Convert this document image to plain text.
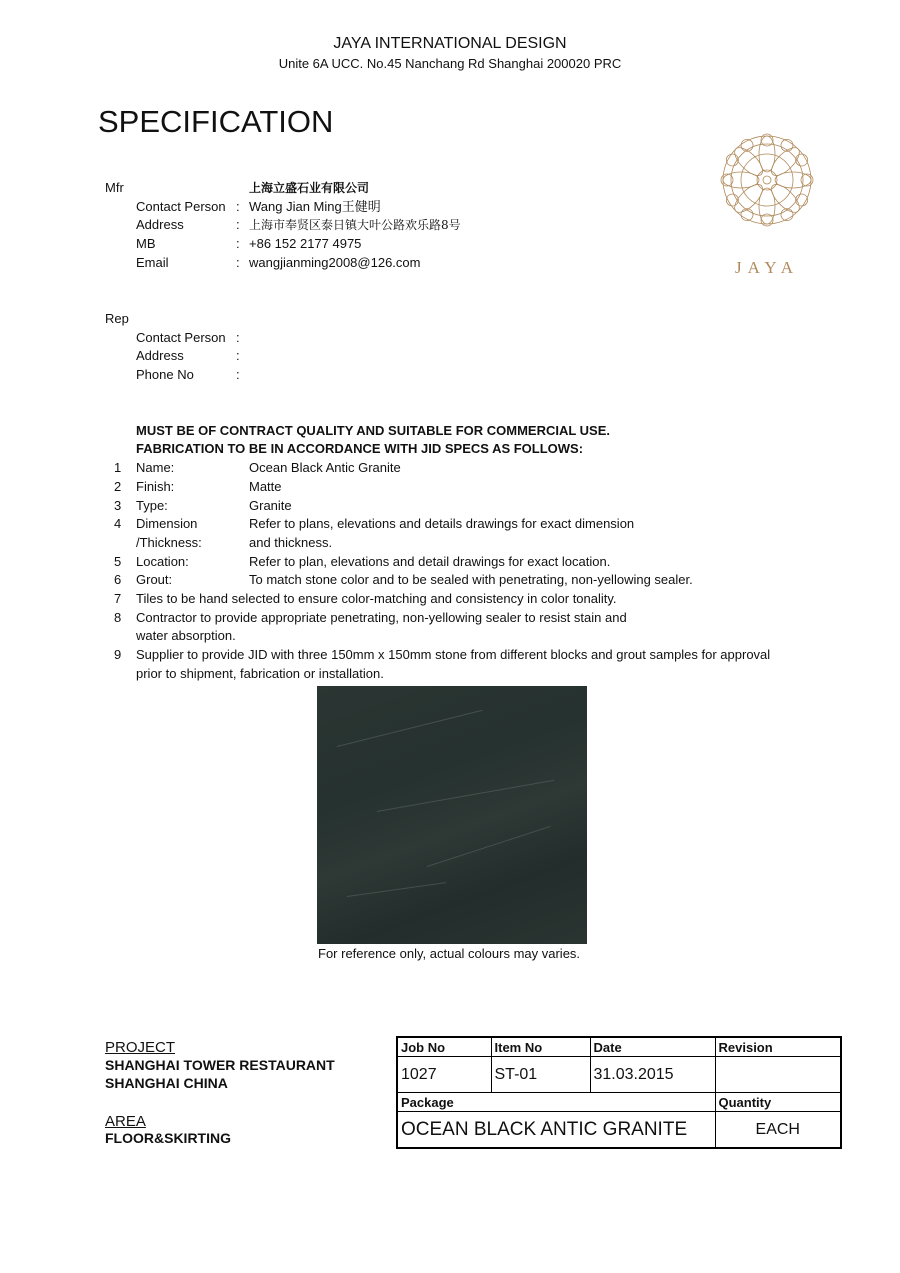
JAYA INTERNATIONAL DESIGN
Unite 6A UCC. No.45 Nanchang Rd Shanghai 200020 PRC
SPECIFICATION
JAYA
Mfr	上海立盛石业有限公司
Contact Person : Wang Jian Ming王健明
Address	: 上海市奉贤区泰日镇大叶公路欢乐路8号
MB	: +86 152 2177 4975
Email	: wangjianming2008@126.com
Rep
Contact Person :
Address	:
Phone No	:
MUST BE OF CONTRACT QUALITY AND SUITABLE FOR COMMERCIAL USE.
FABRICATION TO BE IN ACCORDANCE WITH JID SPECS AS FOLLOWS:
1 Name:	Ocean Black Antic Granite
2 Finish:	Matte
3 Type:	Granite
4 Dimension	Refer to plans, elevations and details drawings for exact dimension
/Thickness:	and thickness.
5 Location:	Refer to plan, elevations and detail drawings for exact location.
6 Grout:	To match stone color and to be sealed with penetrating, non-yellowing sealer.
7 Tiles to be hand selected to ensure color-matching and consistency in color tonality.
8 Contractor to provide appropriate penetrating, non-yellowing sealer to resist stain and
water absorption.
9 Supplier to provide JID with three 150mm x 150mm stone from different blocks and grout samples for approval
prior to shipment, fabrication or installation.
For reference only, actual colours may varies.
PROJECT
SHANGHAI TOWER RESTAURANT
SHANGHAI CHINA
AREA
FLOOR&SKIRTING
Job No	Item No	Date	Revision
1027	ST-01	31.03.2015	
Package			Quantity
OCEAN BLACK ANTIC GRANITE			EACH
